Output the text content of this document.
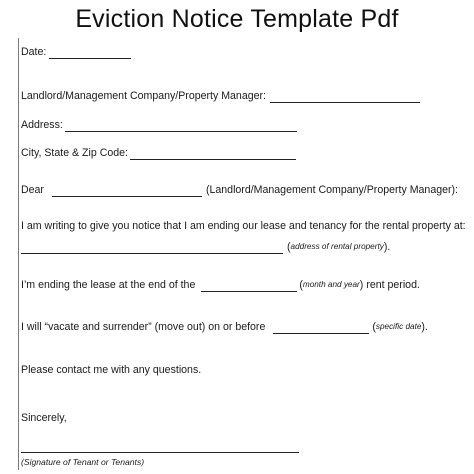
Eviction Notice Template Pdf
Date:
Landlord/Management Company/Property Manager:
Address:
City, State & Zip Code:
Dear	(Landlord/Management Company/Property Manager):
I am writing to give you notice that I am ending our lease and tenancy for the rental property at:
( address of rental property ).
I’m ending the lease at the end of the	( month and year ) rent period.
I will “vacate and surrender” (move out) on or before	( specific date ).
Please contact me with any questions.
Sincerely,
(Signature of Tenant or Tenants)
